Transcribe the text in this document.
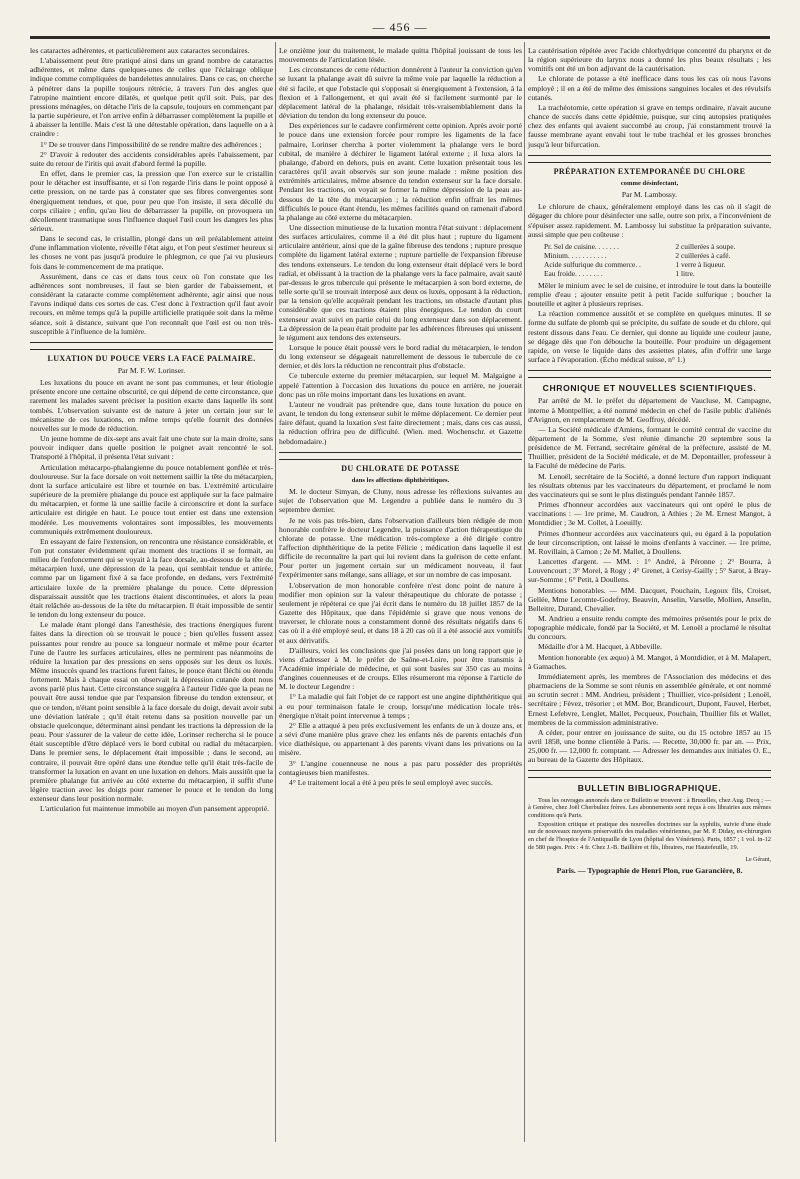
— 456 —

les cataractes adhérentes, et particulièrement aux cataractes secondaires.

L'abaissement peut être pratiqué ainsi dans un grand nombre de cataractes adhérentes, et même dans quelques-unes de celles que l'éclairage oblique indique comme compliquées de bandelettes annulaires. Dans ce cas, on cherche à pénétrer dans la pupille toujours rétrécie, à travers l'un des angles que l'atropine maintient encore dilatés, et quelque petit qu'il soit. Puis, par des pressions ménagées, on détache l'iris de la capsule, toujours en commençant par la partie supérieure, et l'on arrive enfin à débarrasser complètement la pupille et à abaisser la lentille. Mais c'est là une détestable opération, dans laquelle on a à craindre :

1° De se trouver dans l'impossibilité de se rendre maître des adhérences ;

2° D'avoir à redouter des accidents considérables après l'abaissement, par suite du retour de l'iritis qui avait d'abord fermé la pupille.

En effet, dans le premier cas, la pression que l'on exerce sur le cristallin pour le détacher est insuffisante, et si l'on regarde l'iris dans le point opposé à cette pression, on ne tarde pas à constater que ses fibres convergentes sont énergiquement tendues, et que, pour peu que l'on insiste, il sera décollé du corps ciliaire ; enfin, qu'au lieu de débarrasser la pupille, on provoquera un décollement traumatique sous l'influence duquel l'œil court les dangers les plus sérieux.

Dans le second cas, le cristallin, plongé dans un œil préalablement atteint d'une inflammation violente, réveille l'état aigu, et l'on peut s'estimer heureux si les choses ne vont pas jusqu'à produire le phlegmon, ce que j'ai vu plusieurs fois dans le commencement de ma pratique.

Assurément, dans ce cas et dans tous ceux où l'on constate que les adhérences sont nombreuses, il faut se bien garder de l'abaissement, et considérant la cataracte comme complètement adhérente, agir ainsi que nous l'avons indiqué dans ces sortes de cas. C'est donc à l'extraction qu'il faut avoir recours, en même temps qu'à la pupille artificielle pratiquée soit dans la même séance, soit à distance, suivant que l'on reconnaît que l'œil est ou non très-susceptible à l'influence de la lumière.

LUXATION DU POUCE VERS LA FACE PALMAIRE.
Par M. F. W. Lorinser.

Les luxations du pouce en avant ne sont pas communes, et leur étiologie présente encore une certaine obscurité, ce qui dépend de cette circonstance, que rarement les malades savent préciser la position exacte dans laquelle ils sont tombés. L'observation suivante est de nature à jeter un certain jour sur le mécanisme de ces luxations, en même temps qu'elle fournit des données nouvelles sur le mode de réduction.

Un jeune homme de dix-sept ans avait fait une chute sur la main droite, sans pouvoir indiquer dans quelle position le poignet avait rencontré le sol. Transporté à l'hôpital, il présenta l'état suivant :

Articulation métacarpo-phalangienne du pouce notablement gonflée et très-douloureuse. Sur la face dorsale on voit nettement saillir la tête du métacarpien, dont la surface articulaire est libre et tournée en bas. L'extrémité articulaire supérieure de la première phalange du pouce est appliquée sur la face palmaire du métacarpien, et forme là une saillie facile à circonscrire et dont la surface articulaire est dirigée en haut. Le pouce tout entier est dans une extension modérée. Les mouvements volontaires sont impossibles, les mouvements communiqués extrêmement douloureux.

En essayant de faire l'extension, on rencontra une résistance considérable, et l'on put constater évidemment qu'au moment des tractions il se formait, au milieu de l'enfoncement qui se voyait à la face dorsale, au-dessous de la tête du métacarpien luxé, une dépression de la peau, qui semblait tendue et attirée, comme par un ligament fixé à sa face profonde, en dedans, vers l'extrémité articulaire luxée de la première phalange du pouce. Cette dépression disparaissait aussitôt que les tractions étaient discontinuées, et alors la peau était relâchée au-dessous de la tête du métacarpien. Il était impossible de sentir le tendon du long extenseur du pouce.

Le malade étant plongé dans l'anesthésie, des tractions énergiques furent faites dans la direction où se trouvait le pouce ; bien qu'elles fussent assez puissantes pour rendre au pouce sa longueur normale et même pour écarter l'une de l'autre les surfaces articulaires, elles ne permirent pas néanmoins de réduire la luxation par des pressions en sens opposés sur les deux os luxés. Même insuccès quand les tractions furent faites, le pouce étant fléchi ou étendu fortement. Mais à chaque essai on observait la dépression cutanée dont nous avons parlé plus haut. Cette circonstance suggéra à l'auteur l'idée que la peau ne pouvait être aussi tendue que par l'expansion fibreuse du tendon extenseur, et que ce tendon, n'étant point sensible à la face dorsale du doigt, devait avoir subi une déviation latérale ; qu'il était retenu dans sa position nouvelle par un obstacle quelconque, déterminant ainsi pendant les tractions la dépression de la peau. Pour s'assurer de la valeur de cette idée, Lorinser rechercha si le pouce était susceptible d'être déplacé vers le bord cubital ou radial du métacarpien. Dans le premier sens, le déplacement était impossible ; dans le second, au contraire, il pouvait être opéré dans une étendue telle qu'il était très-facile de transformer la luxation en avant en une luxation en dehors. Mais aussitôt que la première phalange fut arrivée au côté externe du métacarpien, il suffit d'une légère traction avec les doigts pour ramener le pouce et le tendon du long extenseur dans leur position normale.

L'articulation fut maintenue immobile au moyen d'un pansement approprié.

Le onzième jour du traitement, le malade quitta l'hôpital jouissant de tous les mouvements de l'articulation lésée.

Les circonstances de cette réduction donnèrent à l'auteur la conviction qu'en se luxant la phalange avait dû suivre la même voie par laquelle la réduction a été si facile, et que l'obstacle qui s'opposait si énergiquement à l'extension, à la flexion et à l'allongement, et qui avait été si facilement surmonté par le déplacement latéral de la phalange, résidait très-vraisemblablement dans la déviation du tendon du long extenseur du pouce.

Des expériences sur le cadavre confirmèrent cette opinion. Après avoir porté le pouce dans une extension forcée pour rompre les ligaments de la face palmaire, Lorinser chercha à porter violemment la phalange vers le bord cubital, de manière à déchirer le ligament latéral externe ; il luxa alors la phalange, d'abord en dehors, puis en avant. Cette luxation présentait tous les caractères qu'il avait observés sur son jeune malade : même position des extrémités articulaires, même absence du tendon extenseur sur la face dorsale. Pendant les tractions, on voyait se former la même dépression de la peau au-dessous de la tête du métacarpien ; la réduction enfin offrait les mêmes difficultés le pouce étant étendu, les mêmes facilités quand on ramenait d'abord la phalange au côté externe du métacarpien.

Une dissection minutieuse de la luxation montra l'état suivant : déplacement des surfaces articulaires, comme il a été dit plus haut ; rupture du ligament articulaire antérieur, ainsi que de la gaîne fibreuse des tendons ; rupture presque complète du ligament latéral externe ; rupture partielle de l'expansion fibreuse des tendons extenseurs. Le tendon du long extenseur était déplacé vers le bord radial, et obéissant à la traction de la phalange vers la face palmaire, avait sauté par-dessus le gros tubercule qui présente le métacarpien à son bord externe, de telle sorte qu'il se trouvait interposé aux deux os luxés, opposant à la réduction, par la tension qu'elle acquérait pendant les tractions, un obstacle d'autant plus considérable que ces tractions étaient plus énergiques. Le tendon du court extenseur avait suivi en partie celui du long extenseur dans son déplacement. La dépression de la peau était produite par les adhérences fibreuses qui unissent le tégument aux tendons des extenseurs.

Lorsque le pouce était poussé vers le bord radial du métacarpien, le tendon du long extenseur se dégageait naturellement de dessous le tubercule de ce dernier, et dès lors la réduction ne rencontrait plus d'obstacle.

Ce tubercule externe du premier métacarpien, sur lequel M. Malgaigne a appelé l'attention à l'occasion des luxations du pouce en arrière, ne jouerait donc pas un rôle moins important dans les luxations en avant.

L'auteur ne voudrait pas prétendre que, dans toute luxation du pouce en avant, le tendon du long extenseur subit le même déplacement. Ce dernier peut faire défaut, quand la luxation s'est faite directement ; mais, dans ces cas aussi, la réduction offrira peu de difficulté. (Wien. med. Wochenschr. et Gazette hebdomadaire.)

DU CHLORATE DE POTASSE
dans les affections diphthéritiques.

M. le docteur Simyan, de Cluny, nous adresse les réflexions suivantes au sujet de l'observation que M. Legendre a publiée dans le numéro du 3 septembre dernier.

Je ne vois pas très-bien, dans l'observation d'ailleurs bien rédigée de mon honorable confrère le docteur Legendre, la puissance d'action thérapeutique du chlorate de potasse. Une médication très-complexe a été dirigée contre l'affection diphthéritique de la petite Félicie ; médication dans laquelle il est difficile de reconnaître la part qui lui revient dans la guérison de cette enfant. Pour porter un jugement certain sur un médicament nouveau, il faut l'expérimenter sans mélange, sans alliage, et sur un nombre de cas imposant.

L'observation de mon honorable confrère n'est donc point de nature à modifier mon opinion sur la valeur thérapeutique du chlorate de potasse ; seulement je répéterai ce que j'ai écrit dans le numéro du 18 juillet 1857 de la Gazette des Hôpitaux, que dans l'épidémie si grave que nous venons de traverser, le chlorate nous a constamment donné des résultats négatifs dans 6 cas où il a été employé seul, et dans 18 à 20 cas où il a été associé aux vomitifs et aux dérivatifs.

D'ailleurs, voici les conclusions que j'ai posées dans un long rapport que je viens d'adresser à M. le préfet de Saône-et-Loire, pour être transmis à l'Académie impériale de médecine, et qui sont basées sur 350 cas au moins d'angines couenneuses et de croups. Elles résumeront ma réponse à l'article de M. le docteur Legendre :

1° La maladie qui fait l'objet de ce rapport est une angine diphthéritique qui a eu pour terminaison fatale le croup, lorsqu'une médication locale très-énergique n'était point intervenue à temps ;

2° Elle a attaqué à peu près exclusivement les enfants de un à douze ans, et a sévi d'une manière plus grave chez les enfants nés de parents entachés d'un vice diathésique, ou appartenant à des parents vivant dans les privations ou la misère.

3° L'angine couenneuse ne nous a pas paru posséder des propriétés contagieuses bien manifestes.

4° Le traitement local a été à peu près le seul employé avec succès.

La cautérisation répétée avec l'acide chlorhydrique concentré du pharynx et de la région supérieure du larynx nous a donné les plus beaux résultats ; les vomitifs ont été un bon adjuvant de la cautérisation.

Le chlorate de potasse a été inefficace dans tous les cas où nous l'avons employé ; il en a été de même des émissions sanguines locales et des révulsifs cutanés.

La trachéotomie, cette opération si grave en temps ordinaire, n'avait aucune chance de succès dans cette épidémie, puisque, sur cinq autopsies pratiquées chez des enfants qui avaient succombé au croup, j'ai constamment trouvé la fausse membrane ayant envahi tout le tube trachéal et les grosses bronches jusqu'à leur bifurcation.

PRÉPARATION EXTEMPORANÉE DU CHLORE
comme désinfectant,
Par M. Lambossy.

Le chlorure de chaux, généralement employé dans les cas où il s'agit de dégager du chlore pour désinfecter une salle, outre son prix, a l'inconvénient de s'épuiser assez rapidement. M. Lambossy lui substitue la préparation suivante, aussi simple que peu coûteuse :

Pr. Sel de cuisine. . . . . . .	2 cuillerées à soupe.
Minium. . . . . . . . . . .	2 cuillerées à café.
Acide sulfurique du commerce. .	1 verre à liqueur.
Eau froide. . . . . . . .	1 litre.

Mêler le minium avec le sel de cuisine, et introduire le tout dans la bouteille remplie d'eau ; ajouter ensuite petit à petit l'acide sulfurique ; boucher la bouteille et agiter à plusieurs reprises.

La réaction commence aussitôt et se complète en quelques minutes. Il se forme du sulfate de plomb qui se précipite, du sulfate de soude et du chlore, qui restent dissous dans l'eau. Ce dernier, qui donne au liquide une couleur jaune, se dégage dès que l'on débouche la bouteille. Pour produire un dégagement rapide, on verse le liquide dans des assiettes plates, afin d'offrir une large surface à l'évaporation. (Écho médical suisse, n° 1.)

CHRONIQUE ET NOUVELLES SCIENTIFIQUES.

Par arrêté de M. le préfet du département de Vaucluse, M. Campagne, interne à Montpellier, a été nommé médecin en chef de l'asile public d'aliénés d'Avignon, en remplacement de M. Geoffroy, décédé.

— La Société médicale d'Amiens, formant le comité central de vaccine du département de la Somme, s'est réunie dimanche 20 septembre sous la présidence de M. Ferrand, secrétaire général de la préfecture, assisté de M. Thuillier, président de la Société médicale, et de M. Depontailler, professeur à la Faculté de médecine de Paris.

M. Lenoël, secrétaire de la Société, a donné lecture d'un rapport indiquant les résultats obtenus par les vaccinateurs du département, et proclamé le nom des vaccinateurs qui se sont le plus distingués pendant l'année 1857.

Primes d'honneur accordées aux vaccinateurs qui ont opéré le plus de vaccinations : — 1re prime, M. Caudron, à Athies ; 2e M. Ernest Mangot, à Montdidier ; 3e M. Collet, à Loeuilly.

Primes d'honneur accordées aux vaccinateurs qui, eu égard à la population de leur circonscription, ont laissé le moins d'enfants à vacciner. — 1re prime, M. Rovillain, à Camon ; 2e M. Mallet, à Doullens.

Lancettes d'argent. — MM. : 1° André, à Péronne ; 2° Bourra, à Louvencourt ; 3° Morel, à Rogy ; 4° Grenet, à Cerisy-Gailly ; 5° Sarot, à Bray-sur-Somme ; 6° Petit, à Doullens.

Mentions honorables. — MM. Dacquet, Pouchain, Legoux fils, Croiset, Gellée, Mme Lecomte-Godefroy, Beauvin, Anselin, Varselle, Mollien, Anselin, Belleitre, Durand, Chevalier.

M. Andrieu a ensuite rendu compte des mémoires présentés pour le prix de topographie médicale, fondé par la Société, et M. Lenoël a proclamé le résultat du concours.

Médaille d'or à M. Hacquet, à Abbeville.

Mention honorable (ex æquo) à M. Mangot, à Montdidier, et à M. Malapert, à Gamaches.

Immédiatement après, les membres de l'Association des médecins et des pharmaciens de la Somme se sont réunis en assemblée générale, et ont nommé au scrutin secret : MM. Andrieu, président ; Thuillier, vice-président ; Lenoël, secrétaire ; Fèvez, trésorier ; et MM. Bor, Brandicourt, Dupont, Fauvel, Herbet, Ernest Lefebvre, Lenglet, Mallet, Pecqueux, Pouchain, Thuillier fils et Wallet, membres de la commission administrative.

A céder, pour entrer en jouissance de suite, ou du 15 octobre 1857 au 15 avril 1858, une bonne clientèle à Paris. — Recette, 30,000 fr. par an. — Prix, 25,000 fr. — 12,000 fr. comptant. — Adresser les demandes aux initiales O. E., au bureau de la Gazette des Hôpitaux.

BULLETIN BIBLIOGRAPHIQUE.

Tous les ouvrages annoncés dans ce Bulletin se trouvent : à Bruxelles, chez Aug. Decq ; — à Genève, chez Joël Cherbuliez frères. Les abonnements sont reçus à ces librairies aux mêmes conditions qu'à Paris.

Exposition critique et pratique des nouvelles doctrines sur la syphilis, suivie d'une étude sur de nouveaux moyens préservatifs des maladies vénériennes, par M. P. Diday, ex-chirurgien en chef de l'hospice de l'Antiquaille de Lyon (hôpital des Vénériens). Paris, 1857 ; 1 vol. in-12 de 580 pages. Prix : 4 fr. Chez J.-B. Baillière et fils, libraires, rue Hautefeuille, 19.

Le Gérant,
Paris. — Typographie de Henri Plon, rue Garancière, 8.
